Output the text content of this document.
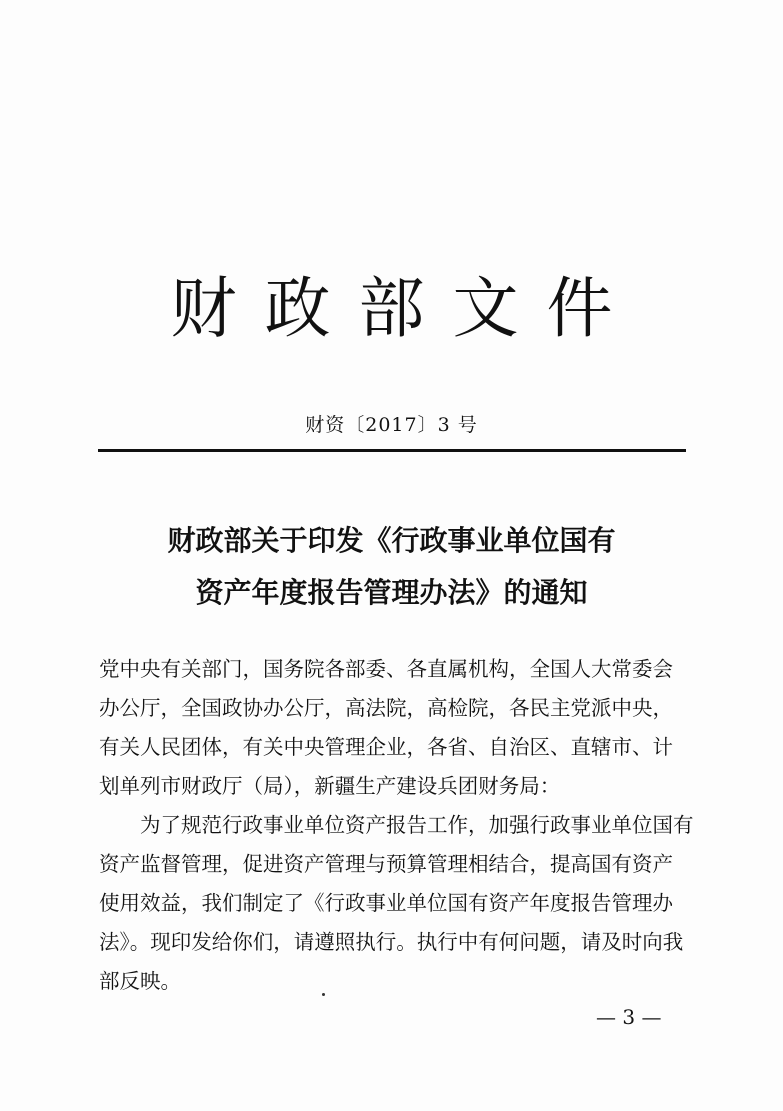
财政部文件
财资〔2017〕3 号
财政部关于印发《行政事业单位国有
资产年度报告管理办法》的通知
党中央有关部门，国务院各部委、各直属机构，全国人大常委会
办公厅，全国政协办公厅，高法院，高检院，各民主党派中央，
有关人民团体，有关中央管理企业，各省、自治区、直辖市、计
划单列市财政厅（局），新疆生产建设兵团财务局：
为了规范行政事业单位资产报告工作，加强行政事业单位国有
资产监督管理，促进资产管理与预算管理相结合，提高国有资产
使用效益，我们制定了《行政事业单位国有资产年度报告管理办
法》。现印发给你们，请遵照执行。执行中有何问题，请及时向我
部反映。
— 3 —
